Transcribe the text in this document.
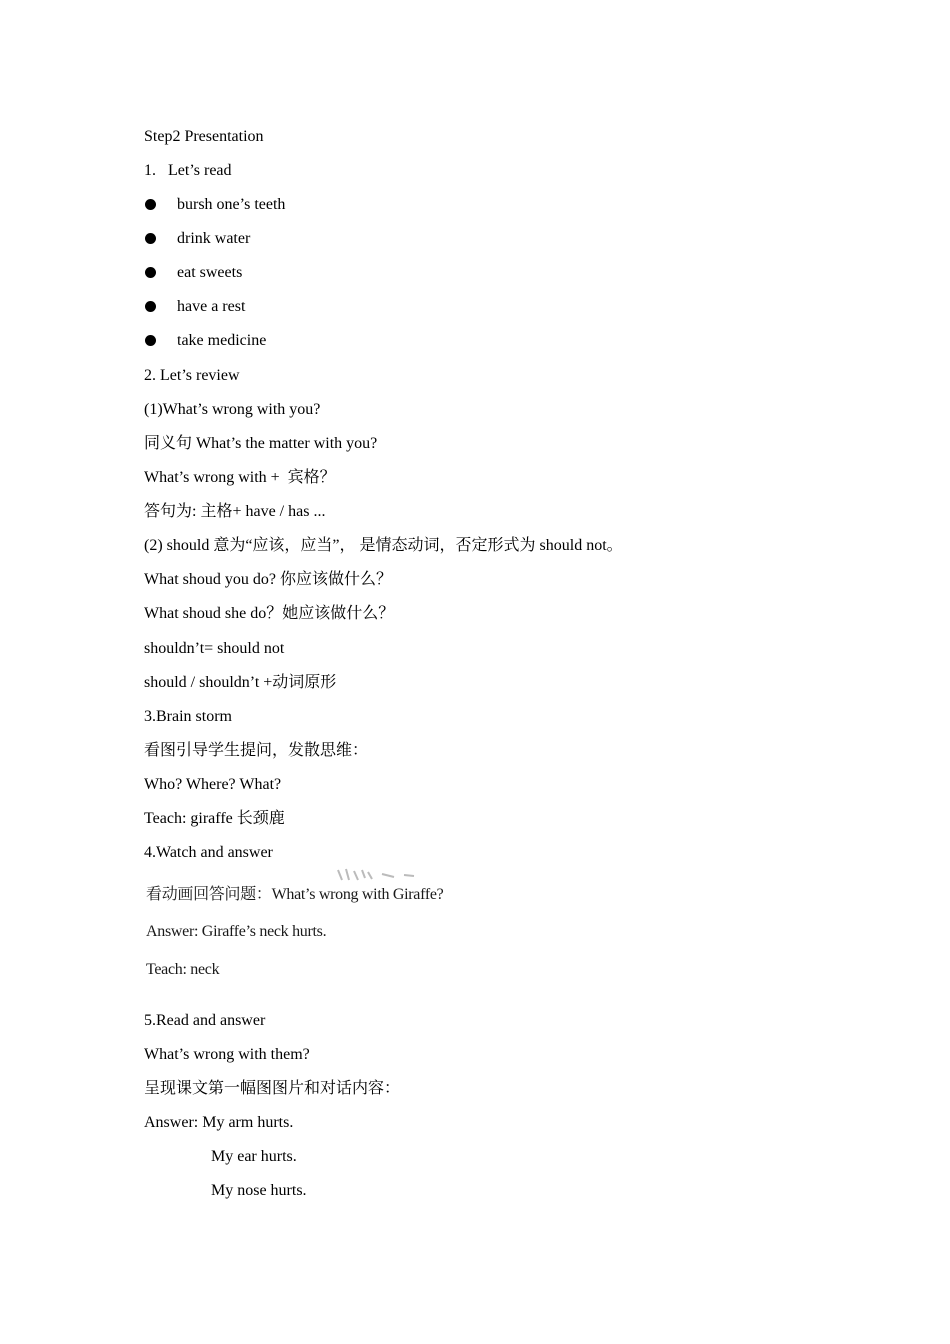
Step2 Presentation

1.   Let’s read

bursh one’s teeth
drink water
eat sweets
have a rest
take medicine

2. Let’s review

(1)What’s wrong with you?

同义句 What’s the matter with you?

What’s wrong with +  宾格？

答句为: 主格+ have / has ...

(2) should 意为“应该，应当”， 是情态动词，否定形式为 should not。

What shoud you do? 你应该做什么？

What shoud she do？她应该做什么？

shouldn’t= should not

should / shouldn’t +动词原形

3.Brain storm

看图引导学生提问，发散思维：

Who? Where? What?

Teach: giraffe 长颈鹿

4.Watch and answer

看动画回答问题：What’s wrong with Giraffe?
Answer: Giraffe’s neck hurts.
Teach: neck

5.Read and answer

What’s wrong with them?

呈现课文第一幅图图片和对话内容：

Answer: My arm hurts.

My ear hurts.

My nose hurts.
